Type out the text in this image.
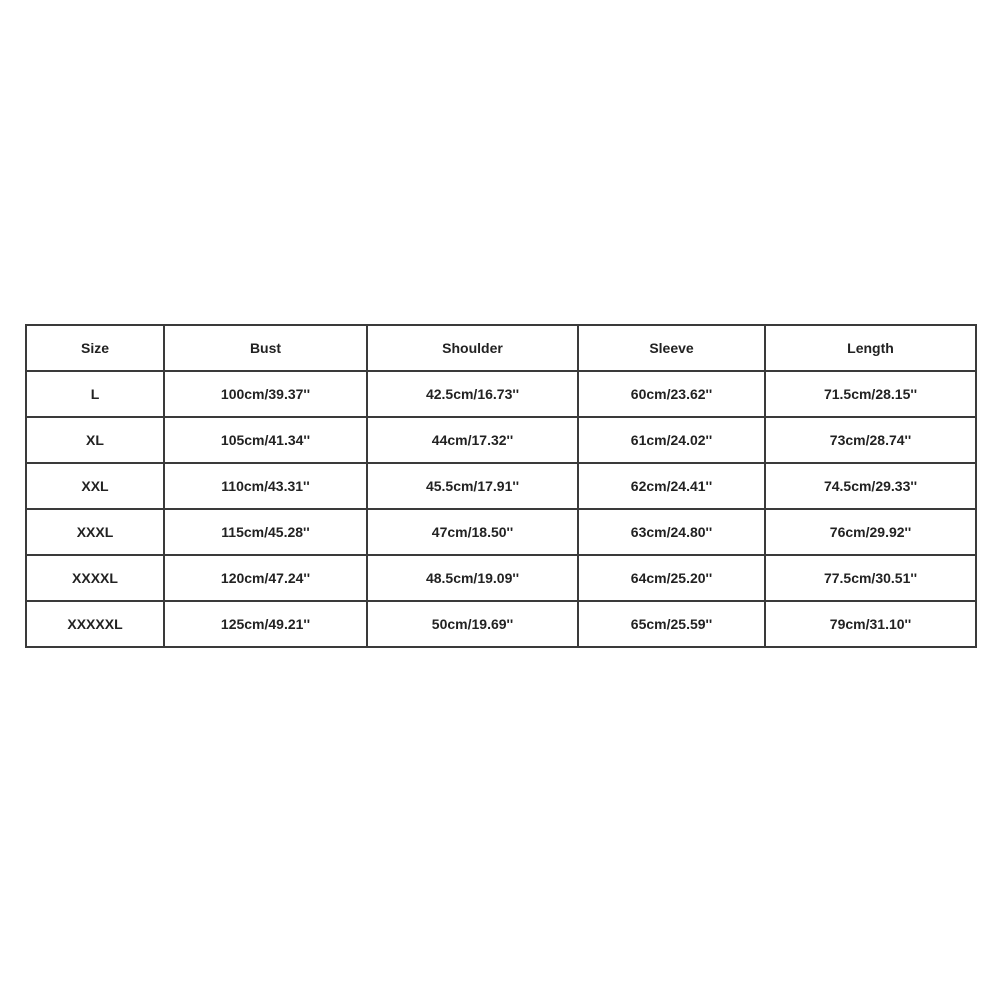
Size	Bust	Shoulder	Sleeve	Length
L	100cm/39.37''	42.5cm/16.73''	60cm/23.62''	71.5cm/28.15''
XL	105cm/41.34''	44cm/17.32''	61cm/24.02''	73cm/28.74''
XXL	110cm/43.31''	45.5cm/17.91''	62cm/24.41''	74.5cm/29.33''
XXXL	115cm/45.28''	47cm/18.50''	63cm/24.80''	76cm/29.92''
XXXXL	120cm/47.24''	48.5cm/19.09''	64cm/25.20''	77.5cm/30.51''
XXXXXL	125cm/49.21''	50cm/19.69''	65cm/25.59''	79cm/31.10''
